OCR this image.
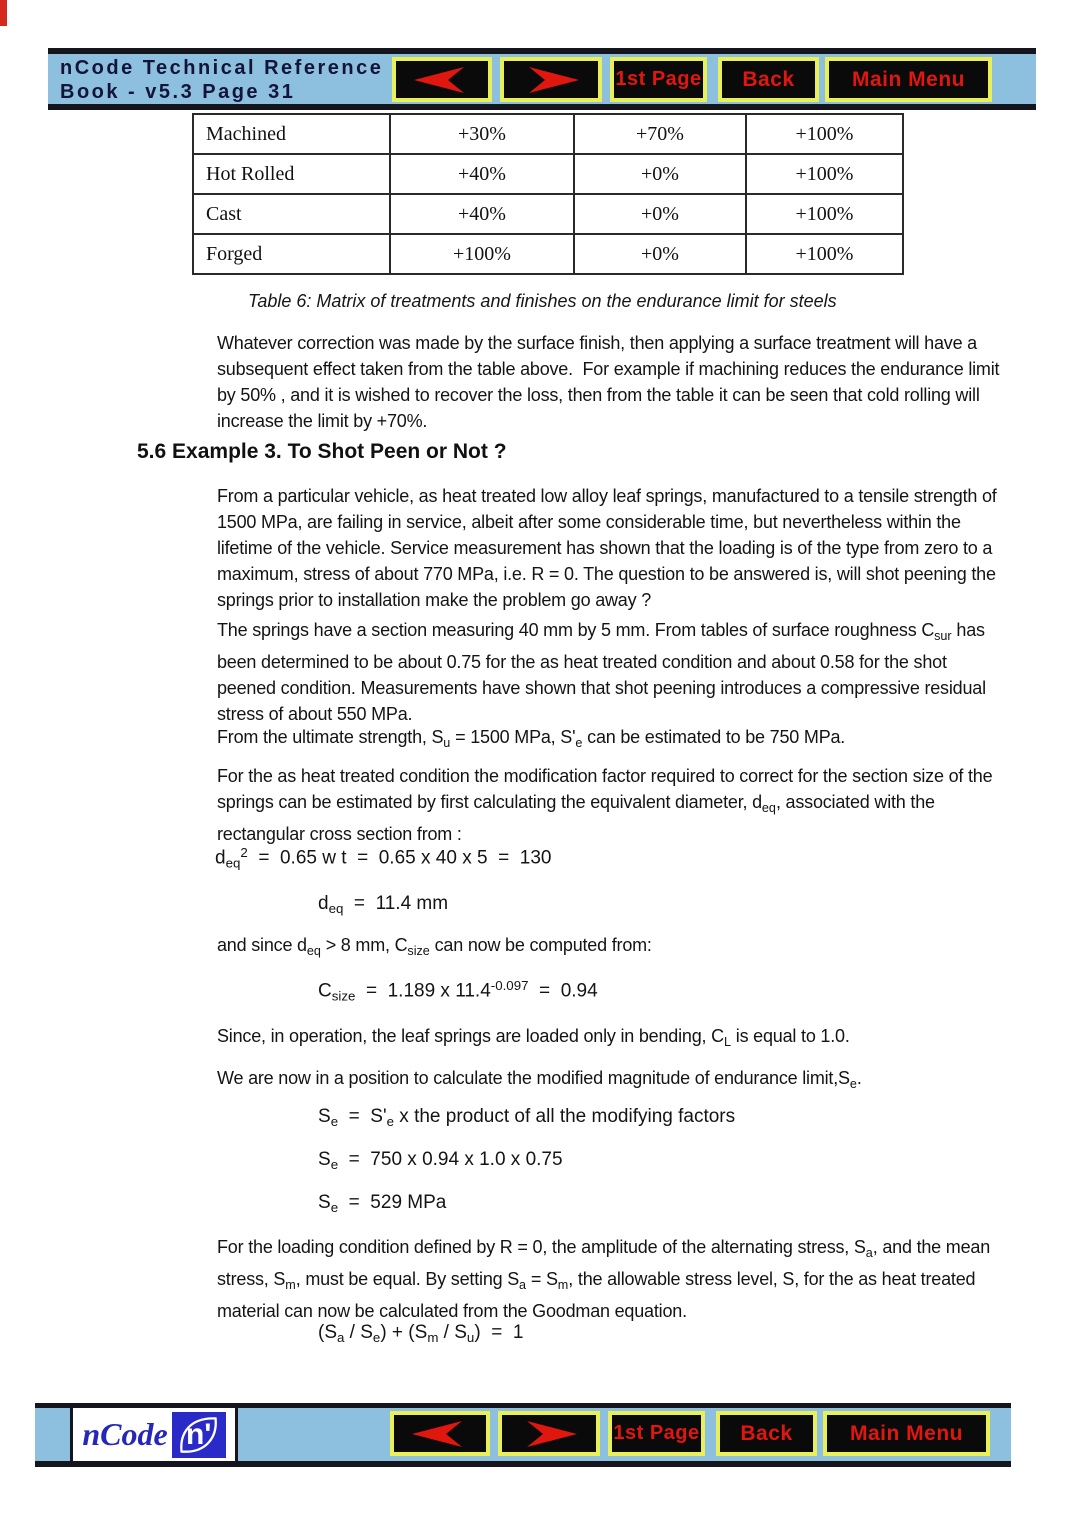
nCode Technical Reference
Book - v5.3 Page 31
1st Page	Back	Main Menu
Machined	+30%	+70%	+100%
Hot Rolled	+40%	+0%	+100%
Cast	+40%	+0%	+100%
Forged	+100%	+0%	+100%
Table 6: Matrix of treatments and finishes on the endurance limit for steels
Whatever correction was made by the surface finish, then applying a surface treatment will have a subsequent effect taken from the table above.  For example if machining reduces the endurance limit by 50% , and it is wished to recover the loss, then from the table it can be seen that cold rolling will increase the limit by +70%.
5.6 Example 3. To Shot Peen or Not ?
From a particular vehicle, as heat treated low alloy leaf springs, manufactured to a tensile strength of 1500 MPa, are failing in service, albeit after some considerable time, but nevertheless within the lifetime of the vehicle. Service measurement has shown that the loading is of the type from zero to a maximum, stress of about 770 MPa, i.e. R = 0. The question to be answered is, will shot peening the springs prior to installation make the problem go away ?
The springs have a section measuring 40 mm by 5 mm. From tables of surface roughness $C_{sur}$ has been determined to be about 0.75 for the as heat treated condition and about 0.58 for the shot peened condition. Measurements have shown that shot peening introduces a compressive residual stress of about 550 MPa.
From the ultimate strength, $S_u = 1500$ MPa, $S'_e$ can be estimated to be 750 MPa.
For the as heat treated condition the modification factor required to correct for the section size of the springs can be estimated by first calculating the equivalent diameter, $d_{eq}$, associated with the rectangular cross section from :
$d_{eq}^2 = 0.65$ w t  =  0.65 x 40 x 5  =  130
$d_{eq} = 11.4$ mm
and since $d_{eq} > 8$ mm, $C_{size}$ can now be computed from:
$C_{size} = 1.189$ x $11.4^{-0.097} = 0.94$
Since, in operation, the leaf springs are loaded only in bending, $C_L$ is equal to 1.0.
We are now in a position to calculate the modified magnitude of endurance $limit,S_e$.
$S_e = S'_e$ x the product of all the modifying factors
$S_e = 750$ x 0.94 x 1.0 x 0.75
$S_e = 529$ MPa
For the loading condition defined by R = 0, the amplitude of the alternating stress, $S_a$, and the mean stress, $S_m$, must be equal. By setting $S_a = S_m$, the allowable stress level, S, for the as heat treated material can now be calculated from the Goodman equation.
$(S_a / S_e) + (S_m / S_u) = 1$
nCode n'	1st Page	Back	Main Menu
